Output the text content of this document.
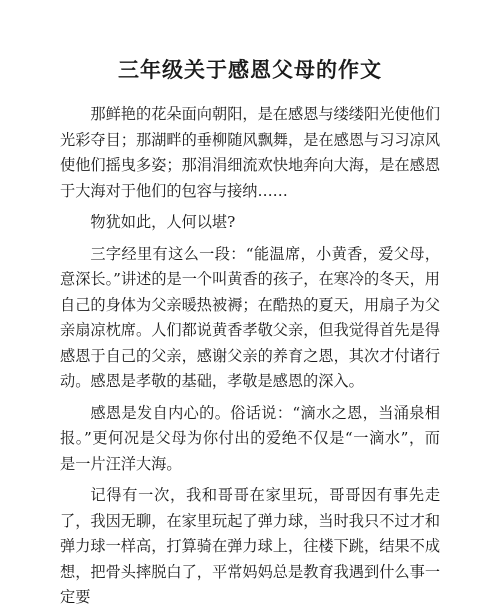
三年级关于感恩父母的作文

那鲜艳的花朵面向朝阳，是在感恩与缕缕阳光使他们光彩夺目；那湖畔的垂柳随风飘舞，是在感恩与习习凉风使他们摇曳多姿；那涓涓细流欢快地奔向大海，是在感恩于大海对于他们的包容与接纳……

物犹如此，人何以堪?

三字经里有这么一段：“能温席，小黄香，爱父母，意深长。”讲述的是一个叫黄香的孩子，在寒冷的冬天，用自己的身体为父亲暖热被褥；在酷热的夏天，用扇子为父亲扇凉枕席。人们都说黄香孝敬父亲，但我觉得首先是得感恩于自己的父亲，感谢父亲的养育之恩，其次才付诸行动。感恩是孝敬的基础，孝敬是感恩的深入。

感恩是发自内心的。俗话说：“滴水之恩，当涌泉相报。”更何况是父母为你付出的爱绝不仅是“一滴水”，而是一片汪洋大海。

记得有一次，我和哥哥在家里玩，哥哥因有事先走了，我因无聊，在家里玩起了弹力球，当时我只不过才和弹力球一样高，打算骑在弹力球上，往楼下跳，结果不成想，把骨头摔脱白了，平常妈妈总是教育我遇到什么事一定要
